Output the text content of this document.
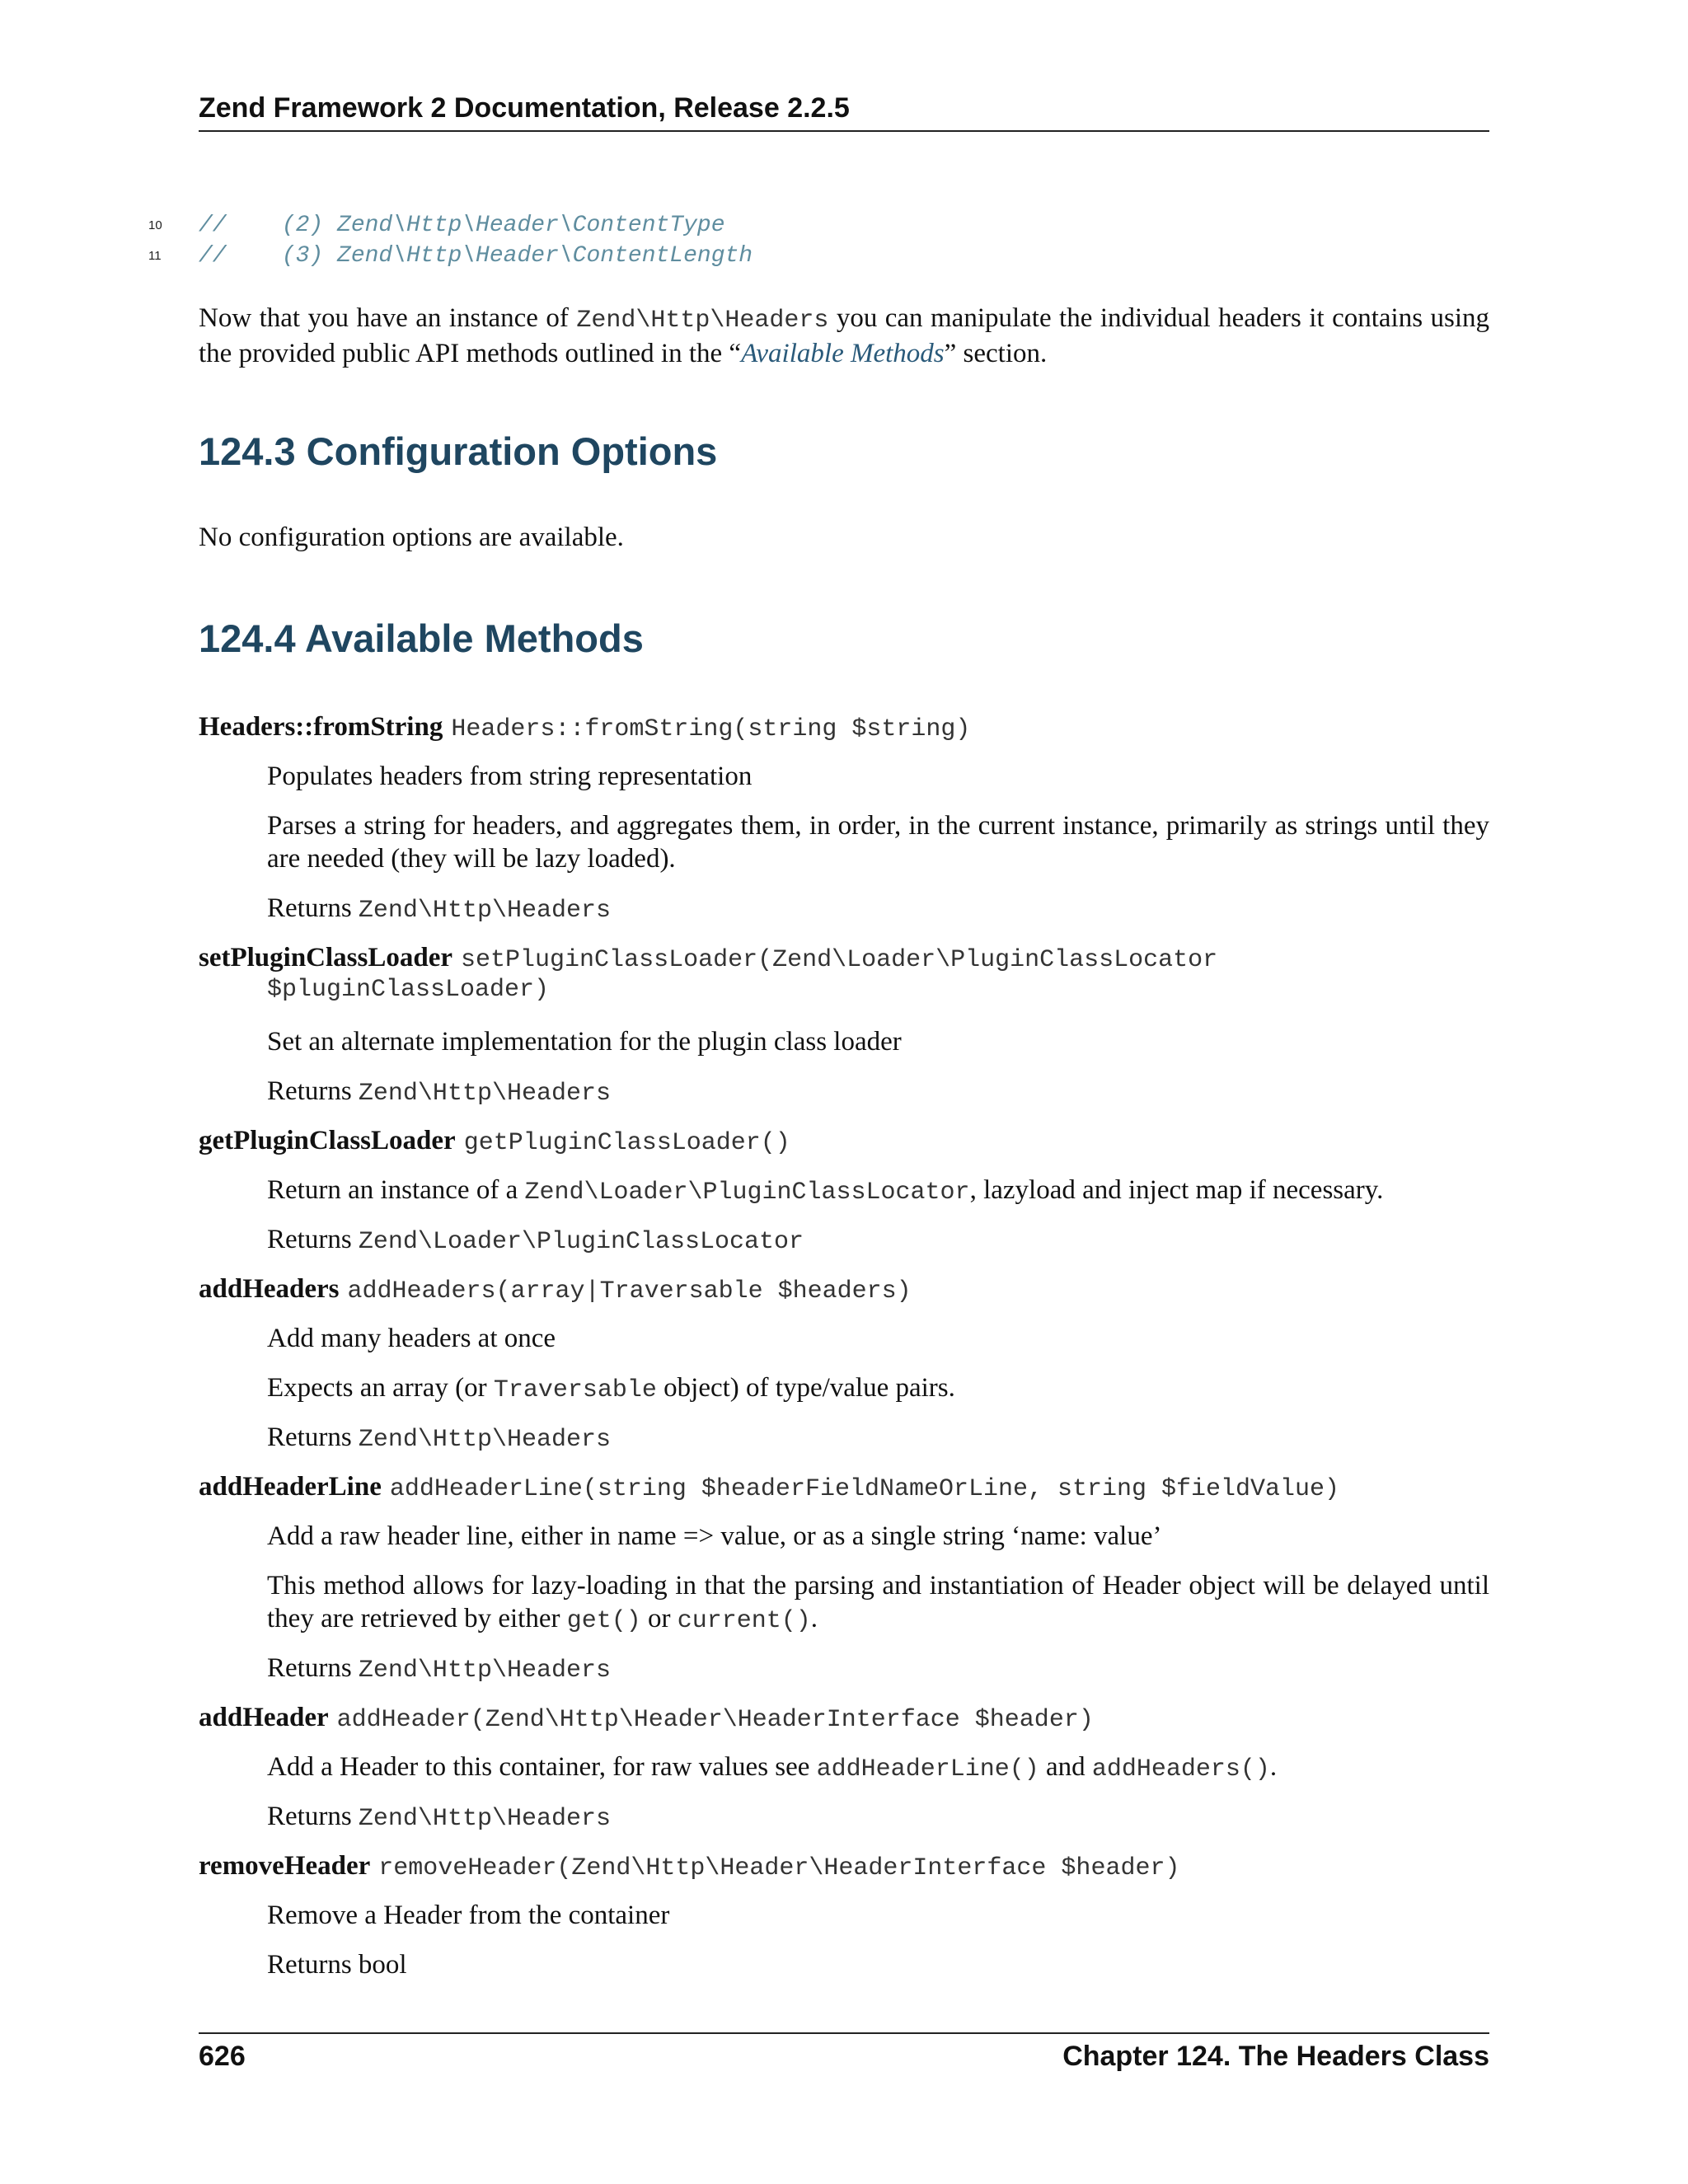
Zend Framework 2 Documentation, Release 2.2.5
10 //    (2) Zend\Http\Header\ContentType
11 //    (3) Zend\Http\Header\ContentLength
Now that you have an instance of Zend\Http\Headers you can manipulate the individual headers it contains using the provided public API methods outlined in the “Available Methods” section.
124.3 Configuration Options
No configuration options are available.
124.4 Available Methods
Headers::fromString Headers::fromString(string $string)
Populates headers from string representation
Parses a string for headers, and aggregates them, in order, in the current instance, primarily as strings until they are needed (they will be lazy loaded).
Returns Zend\Http\Headers
setPluginClassLoader setPluginClassLoader(Zend\Loader\PluginClassLocator
$pluginClassLoader)
Set an alternate implementation for the plugin class loader
Returns Zend\Http\Headers
getPluginClassLoader getPluginClassLoader()
Return an instance of a Zend\Loader\PluginClassLocator, lazyload and inject map if necessary.
Returns Zend\Loader\PluginClassLocator
addHeaders addHeaders(array|Traversable $headers)
Add many headers at once
Expects an array (or Traversable object) of type/value pairs.
Returns Zend\Http\Headers
addHeaderLine addHeaderLine(string $headerFieldNameOrLine, string $fieldValue)
Add a raw header line, either in name => value, or as a single string ‘name: value’
This method allows for lazy-loading in that the parsing and instantiation of Header object will be delayed until they are retrieved by either get() or current().
Returns Zend\Http\Headers
addHeader addHeader(Zend\Http\Header\HeaderInterface $header)
Add a Header to this container, for raw values see addHeaderLine() and addHeaders().
Returns Zend\Http\Headers
removeHeader removeHeader(Zend\Http\Header\HeaderInterface $header)
Remove a Header from the container
Returns bool
626	Chapter 124. The Headers Class
